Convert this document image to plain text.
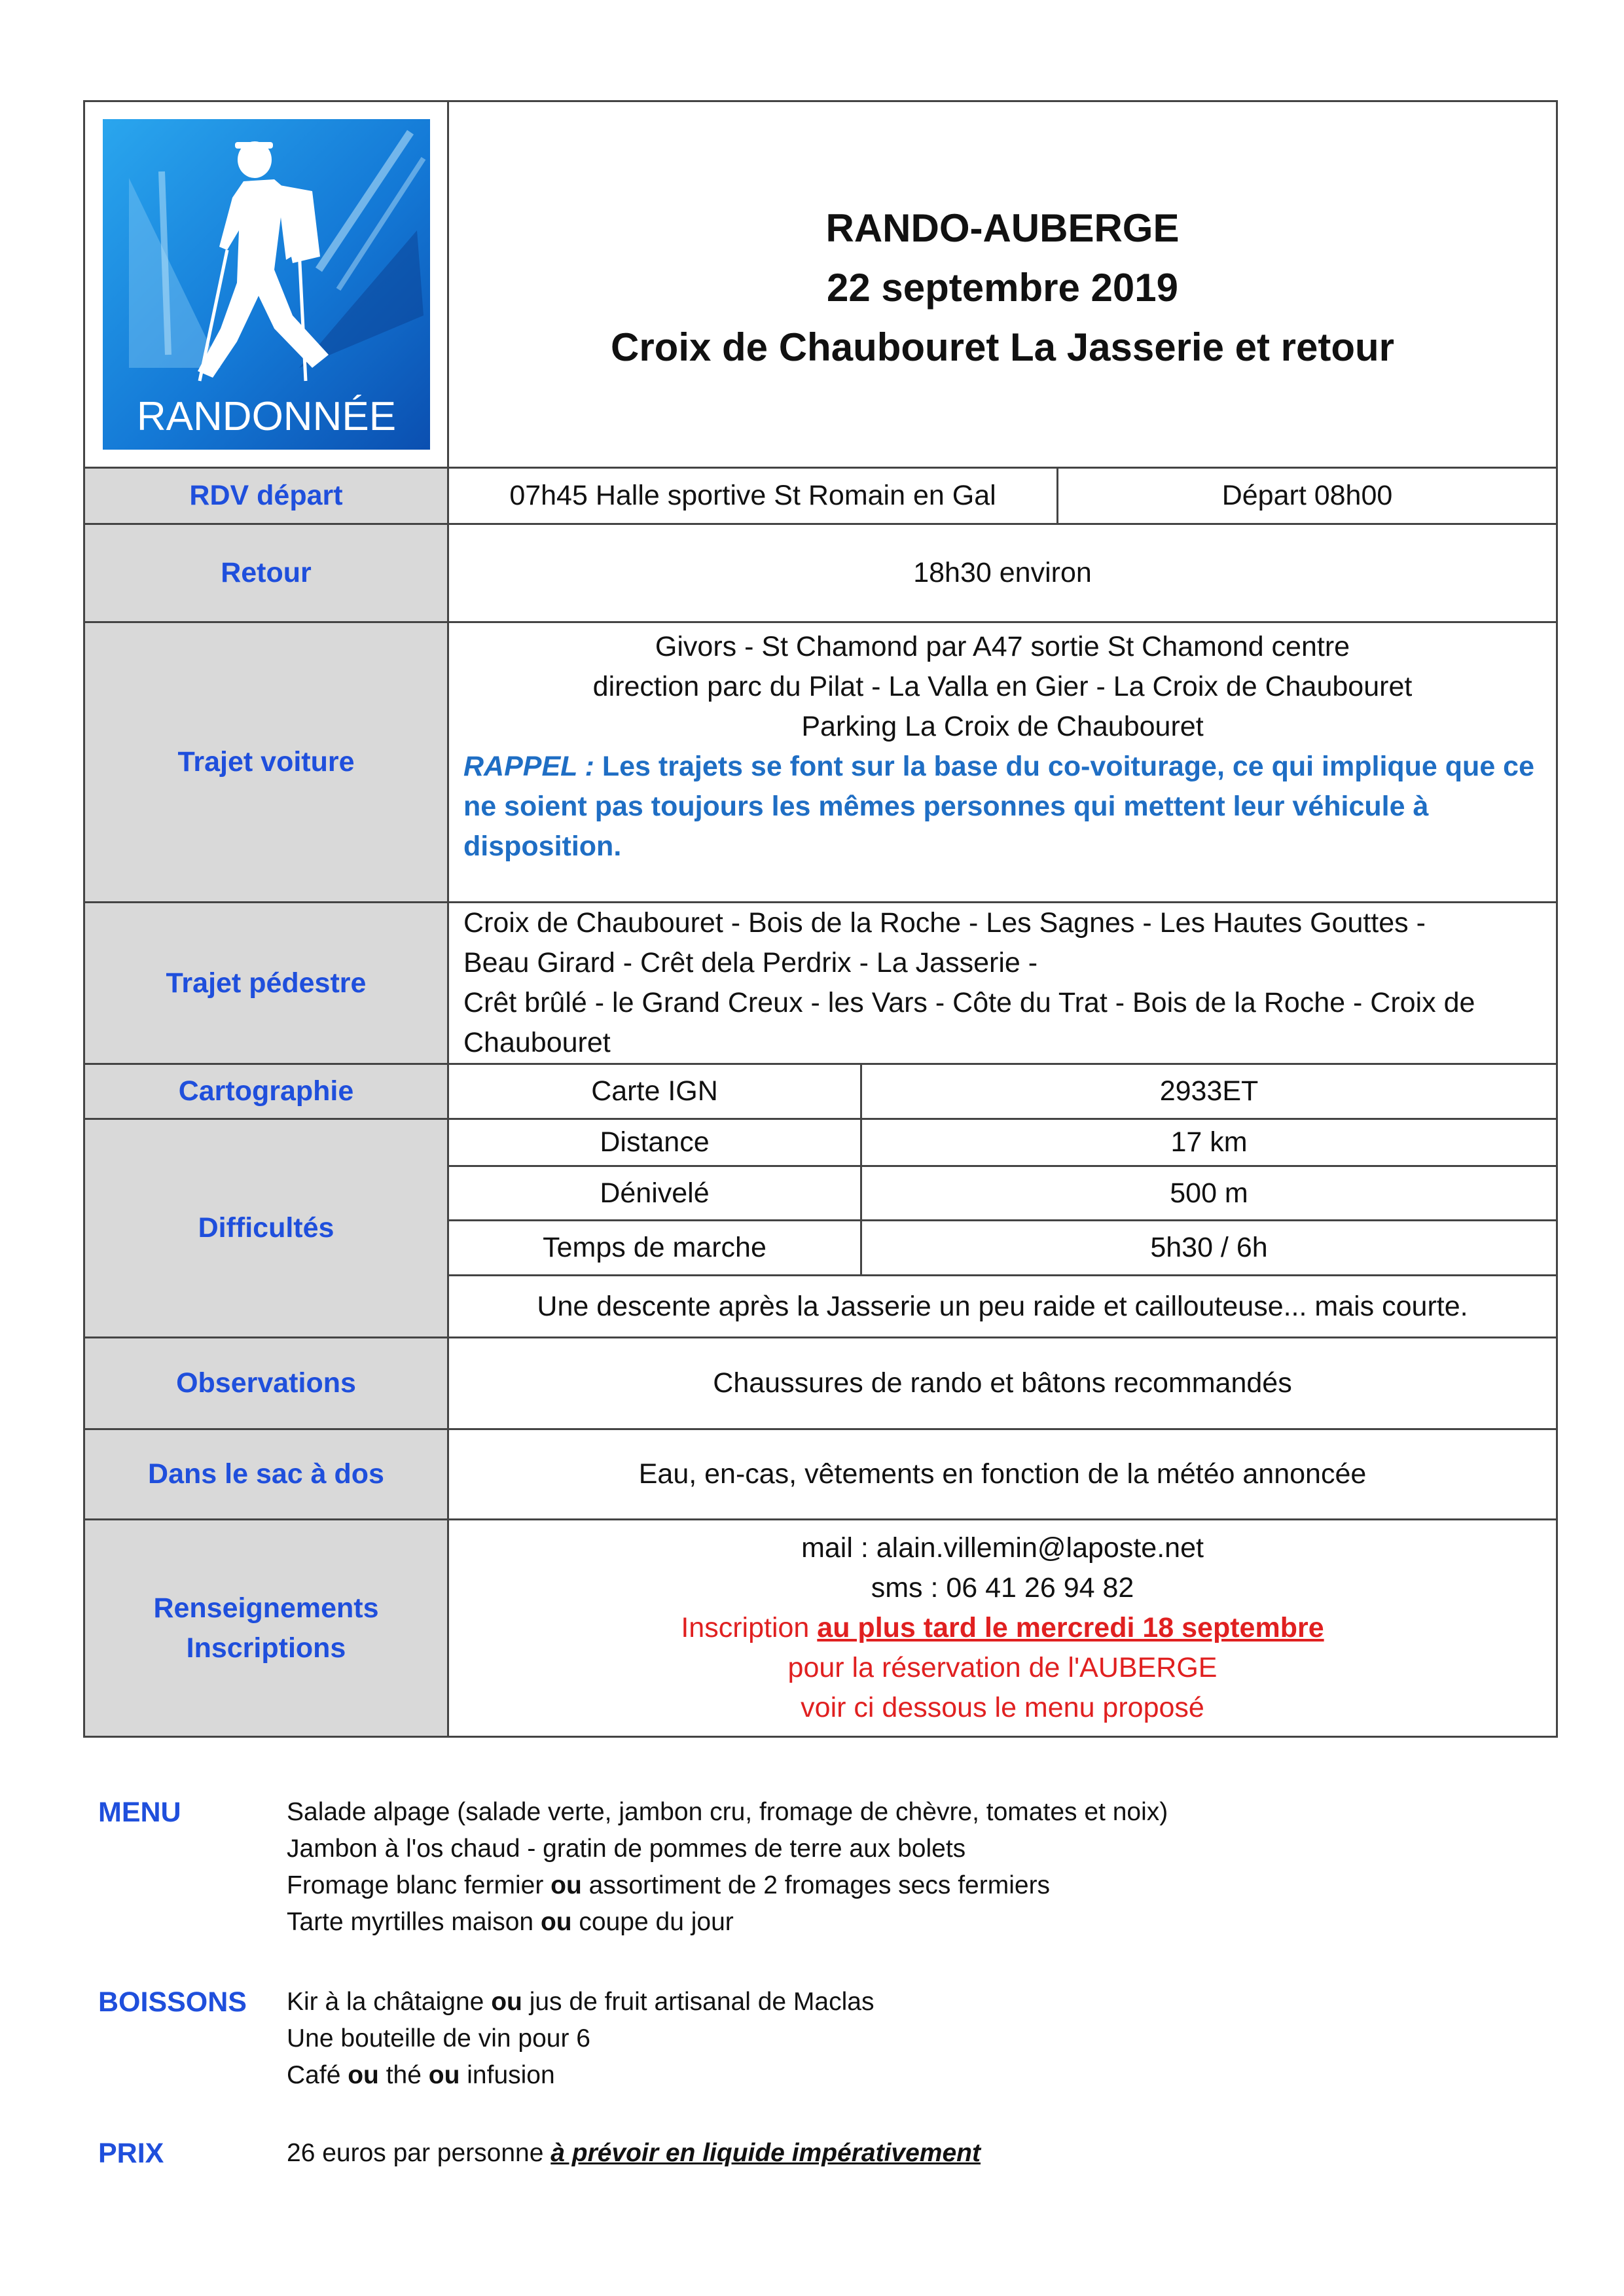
RANDONNÉE	RANDO-AUBERGE
22 septembre 2019
Croix de Chaubouret La Jasserie et retour		

RDV départ	07h45 Halle sportive St Romain en Gal		Départ 08h00
Retour	18h30 environ		
Trajet voiture	Givors - St Chamond par A47 sortie St Chamond centre
direction parc du Pilat - La Valla en Gier - La Croix de Chaubouret
Parking La Croix de Chaubouret
RAPPEL : Les trajets se font sur la base du co-voiturage, ce qui implique que ce ne soient pas toujours les mêmes personnes qui mettent leur véhicule à disposition.		

Trajet pédestre	Croix de Chaubouret - Bois de la Roche - Les Sagnes - Les Hautes Gouttes -
Beau Girard - Crêt dela Perdrix - La Jasserie -
Crêt brûlé - le Grand Creux - les Vars - Côte du Trat - Bois de la Roche - Croix de
Chaubouret		

Cartographie	Carte IGN	2933ET	
Difficultés	Distance	17 km	
	Dénivelé	500 m	
	Temps de marche	5h30 / 6h	
	Une descente après la Jasserie un peu raide et caillouteuse... mais courte.		
Observations	Chaussures de rando et bâtons recommandés		
Dans le sac à dos	Eau, en-cas, vêtements en fonction de la météo annoncée		

Renseignements
Inscriptions	mail : alain.villemin@laposte.net
sms : 06 41 26 94 82
Inscription au plus tard le mercredi 18 septembre
pour la réservation de l'AUBERGE
voir ci dessous le menu proposé		
MENU	Salade alpage (salade verte, jambon cru, fromage de chèvre, tomates et noix)
Jambon à l'os chaud - gratin de pommes de terre aux bolets
Fromage blanc fermier ou assortiment de 2 fromages secs fermiers
Tarte myrtilles maison ou coupe du jour
BOISSONS Kir à la châtaigne ou jus de fruit artisanal de Maclas
Une bouteille de vin pour 6
Café ou thé ou infusion
PRIX	26 euros par personne à prévoir en liquide impérativement
